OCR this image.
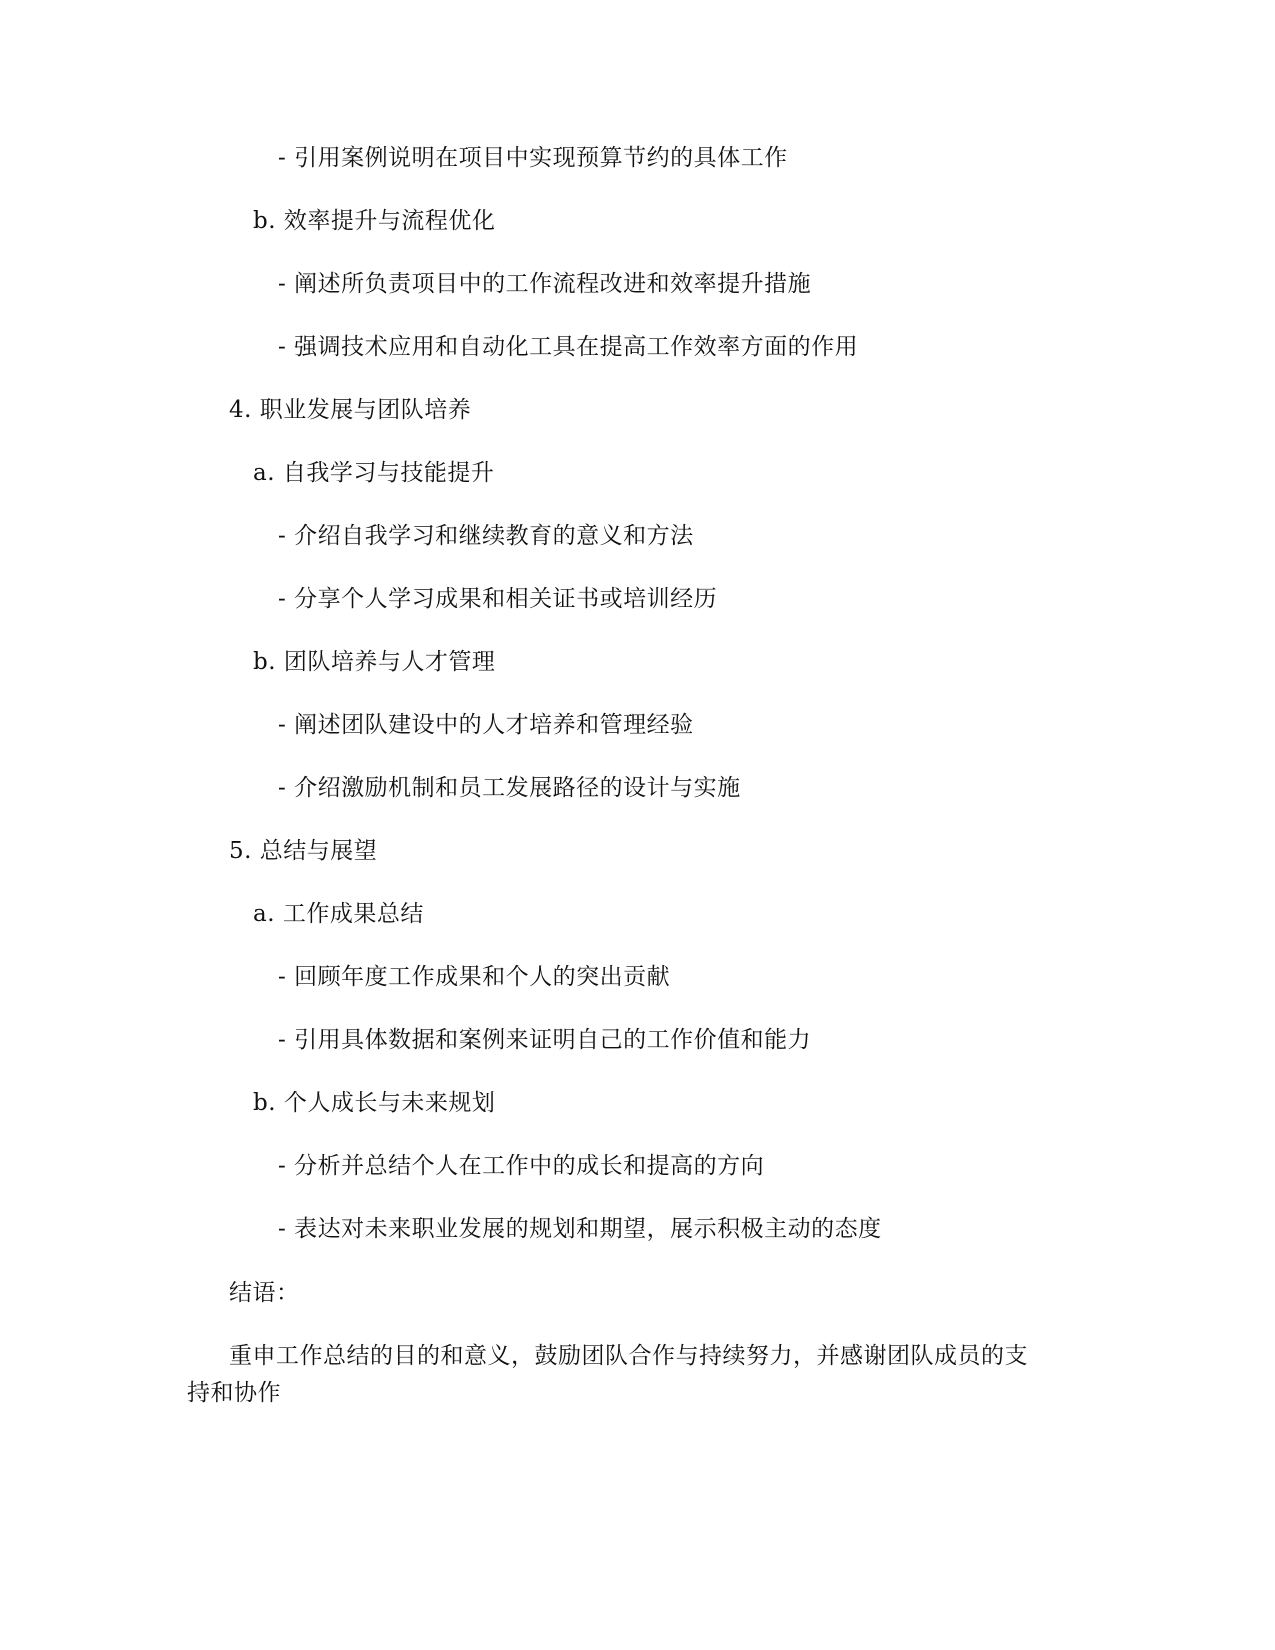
- 引用案例说明在项目中实现预算节约的具体工作
b. 效率提升与流程优化
- 阐述所负责项目中的工作流程改进和效率提升措施
- 强调技术应用和自动化工具在提高工作效率方面的作用
4. 职业发展与团队培养
a. 自我学习与技能提升
- 介绍自我学习和继续教育的意义和方法
- 分享个人学习成果和相关证书或培训经历
b. 团队培养与人才管理
- 阐述团队建设中的人才培养和管理经验
- 介绍激励机制和员工发展路径的设计与实施
5. 总结与展望
a. 工作成果总结
- 回顾年度工作成果和个人的突出贡献
- 引用具体数据和案例来证明自己的工作价值和能力
b. 个人成长与未来规划
- 分析并总结个人在工作中的成长和提高的方向
- 表达对未来职业发展的规划和期望，展示积极主动的态度
结语：
重申工作总结的目的和意义，鼓励团队合作与持续努力，并感谢团队成员的支
持和协作
